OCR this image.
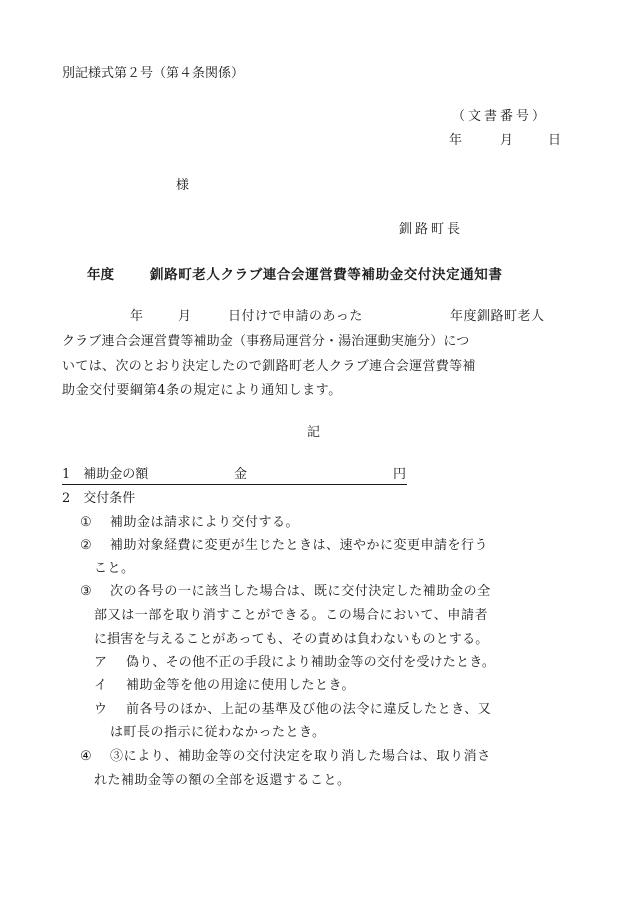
別記様式第２号（第４条関係）

（文書番号）

年	月	日

様

釧路町長

年度	釧路町老人クラブ連合会運営費等補助金交付決定通知書

年	月	日付けで申請のあった	年度釧路町老人

クラブ連合会運営費等補助金（事務局運営分・湯治運動実施分）につ

いては、次のとおり決定したので釧路町老人クラブ連合会運営費等補

助金交付要綱第4条の規定により通知します。

記

1　補助金の額	金	円

2　交付条件

① 補助金は請求により交付する。

② 補助対象経費に変更が生じたときは、速やかに変更申請を行う

こと。

③ 次の各号の一に該当した場合は、既に交付決定した補助金の全

部又は一部を取り消すことができる。この場合において、申請者

に損害を与えることがあっても、その責めは負わないものとする。

ア 偽り、その他不正の手段により補助金等の交付を受けたとき。

イ 補助金等を他の用途に使用したとき。

ウ 前各号のほか、上記の基準及び他の法令に違反したとき、又

は町長の指示に従わなかったとき。

④ ③により、補助金等の交付決定を取り消した場合は、取り消さ

れた補助金等の額の全部を返還すること。
